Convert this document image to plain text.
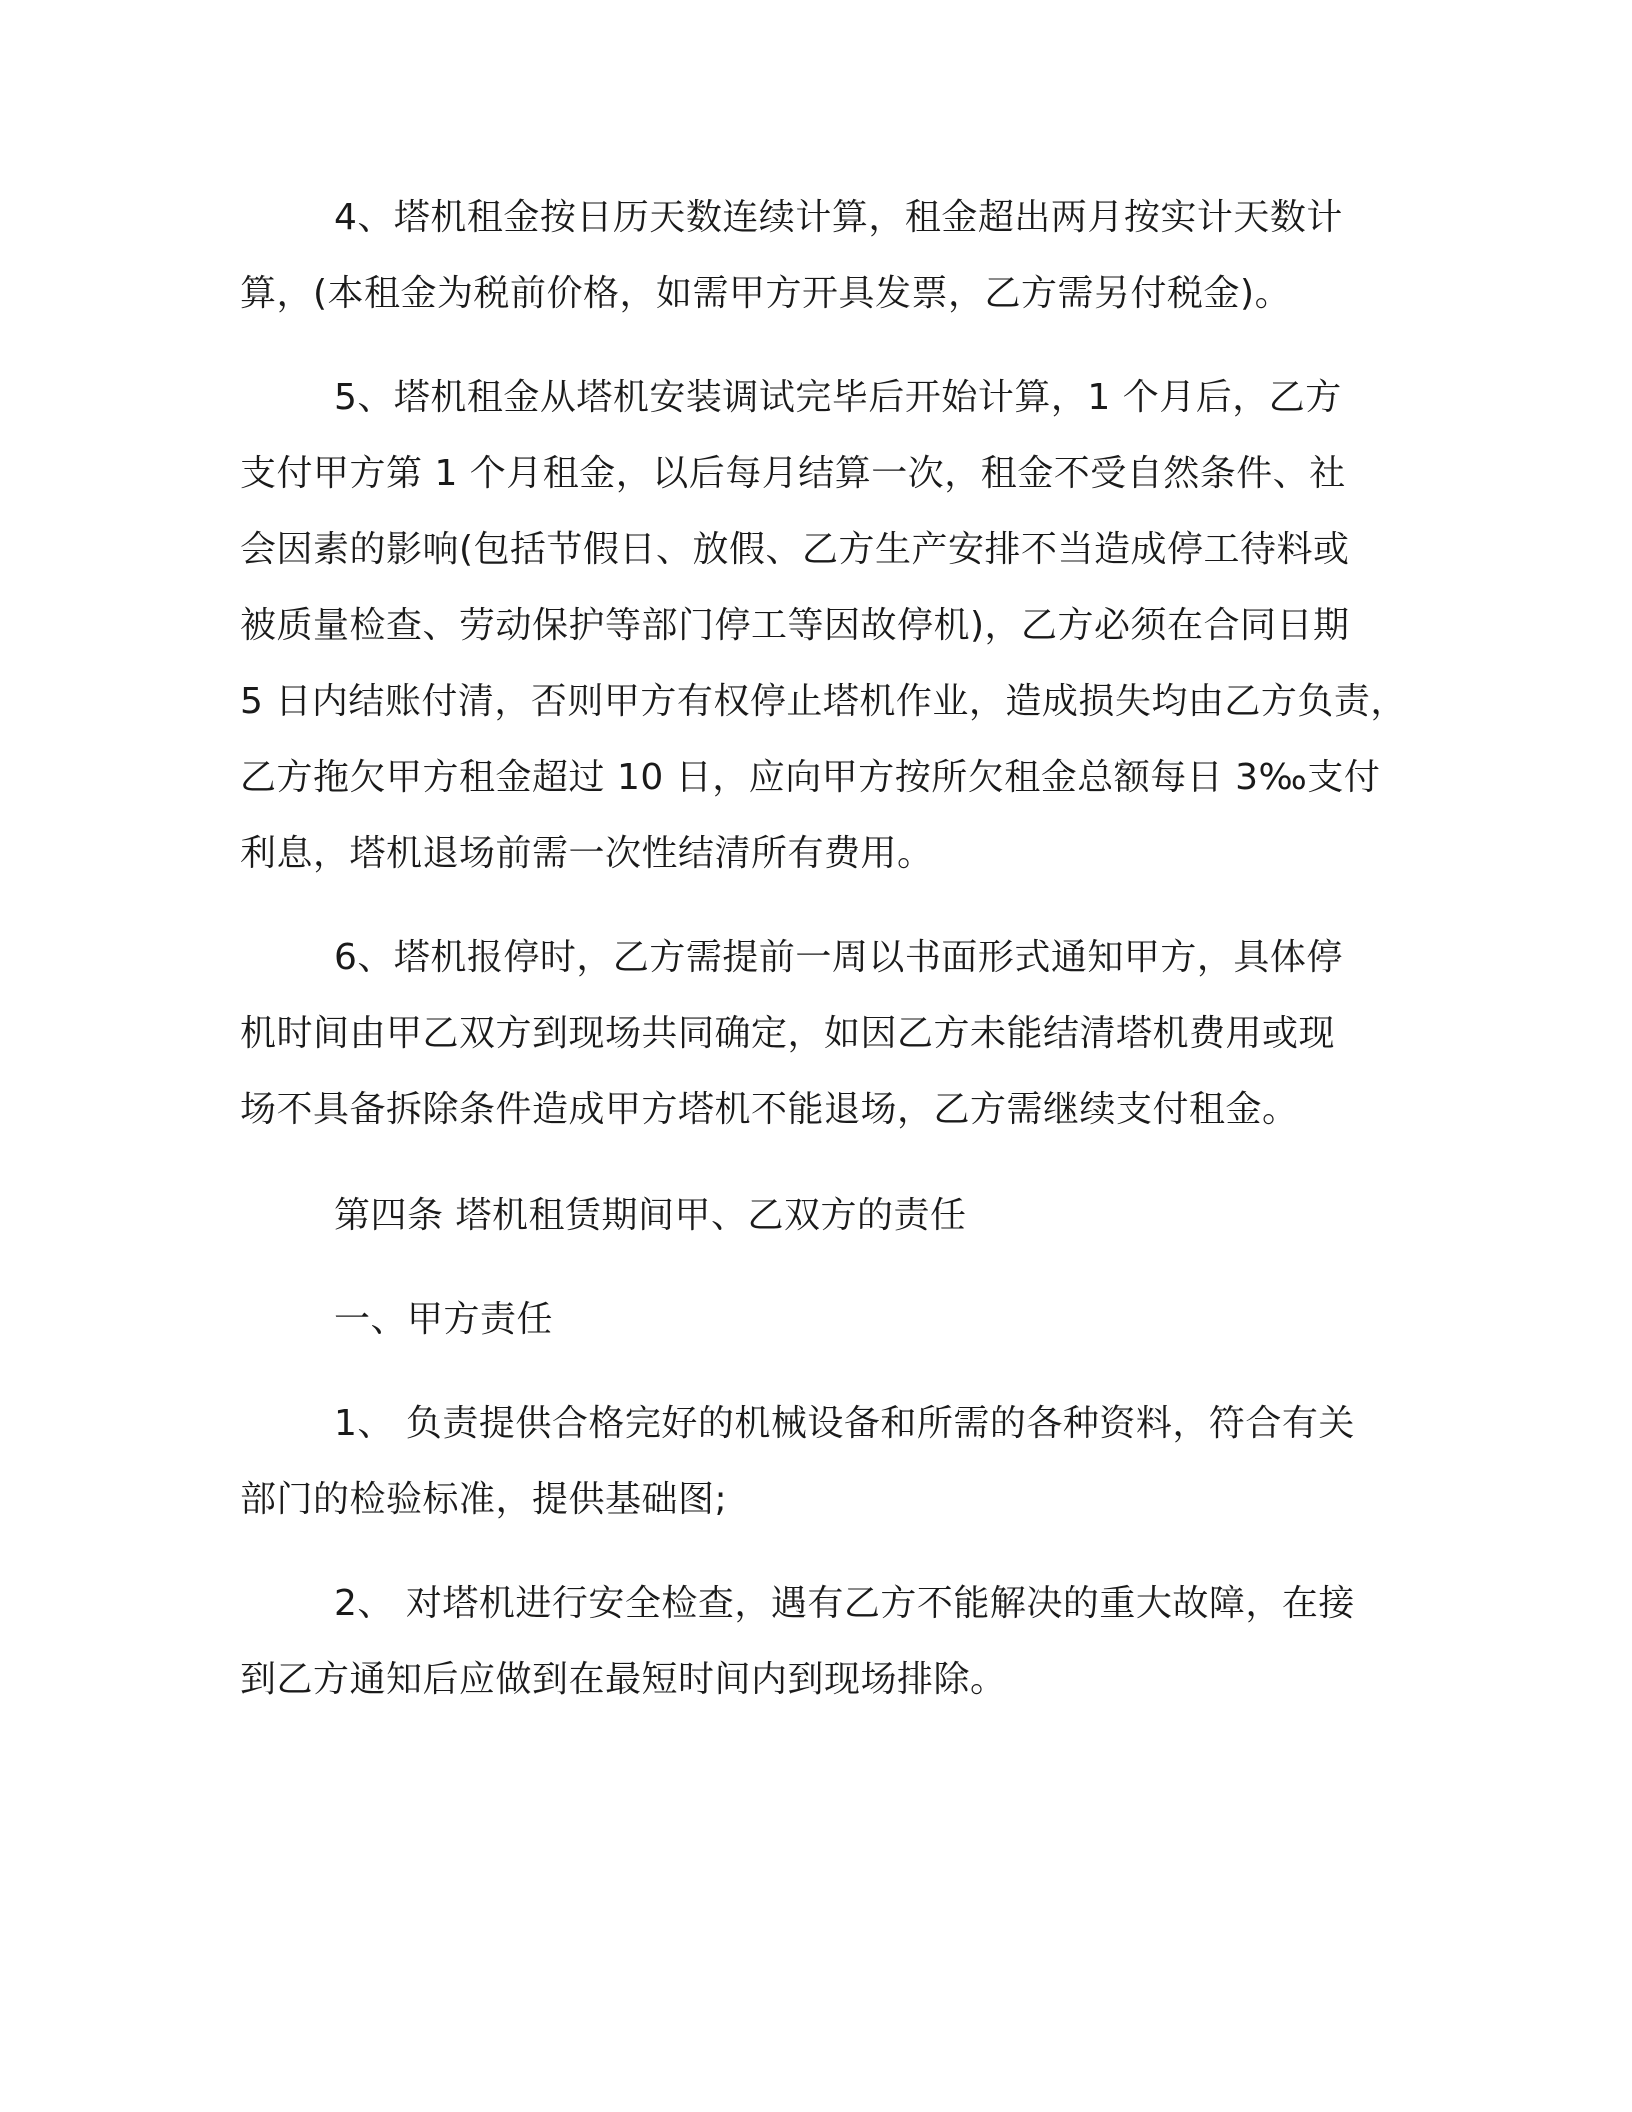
4、塔机租金按日历天数连续计算，租金超出两月按实计天数计
算，(本租金为税前价格，如需甲方开具发票，乙方需另付税金)。
5、塔机租金从塔机安装调试完毕后开始计算，1 个月后，乙方
支付甲方第 1 个月租金，以后每月结算一次，租金不受自然条件、社
会因素的影响(包括节假日、放假、乙方生产安排不当造成停工待料或
被质量检查、劳动保护等部门停工等因故停机)，乙方必须在合同日期
5 日内结账付清，否则甲方有权停止塔机作业，造成损失均由乙方负责，
乙方拖欠甲方租金超过 10 日，应向甲方按所欠租金总额每日 3‰支付
利息，塔机退场前需一次性结清所有费用。
6、塔机报停时，乙方需提前一周以书面形式通知甲方，具体停
机时间由甲乙双方到现场共同确定，如因乙方未能结清塔机费用或现
场不具备拆除条件造成甲方塔机不能退场，乙方需继续支付租金。
第四条 塔机租赁期间甲、乙双方的责任
一、甲方责任
1、 负责提供合格完好的机械设备和所需的各种资料，符合有关
部门的检验标准，提供基础图;
2、 对塔机进行安全检查，遇有乙方不能解决的重大故障，在接
到乙方通知后应做到在最短时间内到现场排除。
